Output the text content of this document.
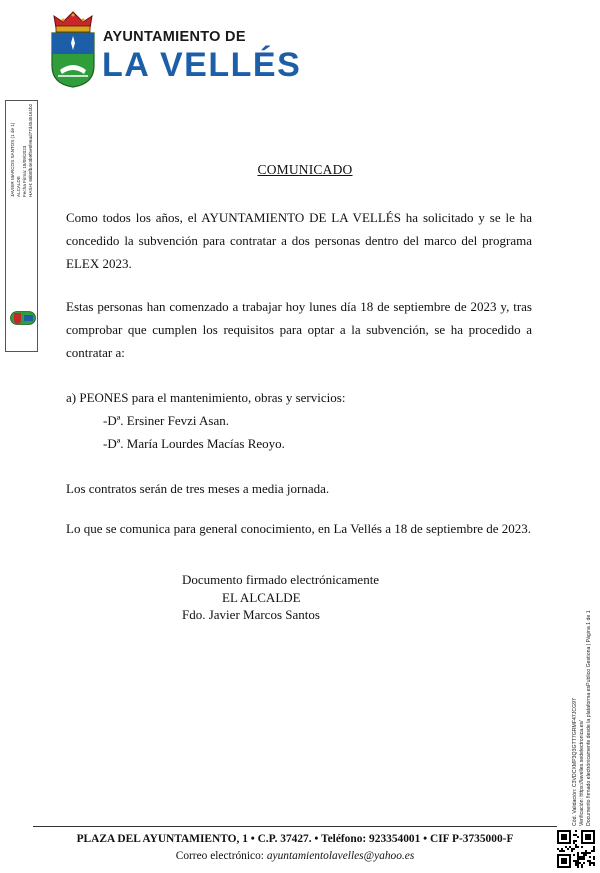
AYUNTAMIENTO DE
LA VELLÉS
JAVIER MARCOS SANTOS (1 de 1) ALCALDE Fecha Firma: 18/09/2023 HASH: 66b8fb4e3b9f5e8fe6ad77d4545161b2	COMUNICADO
Como todos los años, el AYUNTAMIENTO DE LA VELLÉS ha solicitado y se le ha concedido la subvención para contratar a dos personas dentro del marco del programa ELEX 2023.
Estas personas han comenzado a trabajar hoy lunes día 18 de septiembre de 2023 y, tras comprobar que cumplen los requisitos para optar a la subvención, se ha procedido a contratar a:
a) PEONES para el mantenimiento, obras y servicios:
-Dª. Ersiner Fevzi Asan.
-Dª. María Lourdes Macías Reoyo.
Los contratos serán de tres meses a media jornada.
Lo que se comunica para general conocimiento, en La Vellés a 18 de septiembre de 2023.
Documento firmado electrónicamente
EL ALCALDE
Fdo. Javier Marcos Santos
Cód. Validación: C3VDCXMP3Q3GTT7GRMF47JCG97 Verificación: https://lavelles.sedelectronica.es/ Documento firmado electrónicamente desde la plataforma esPublico Gestiona | Página 1 de 1
PLAZA DEL AYUNTAMIENTO, 1 • C.P. 37427. • Teléfono: 923354001 • CIF P-3735000-F
Correo electrónico: ayuntamientolavelles@yahoo.es
